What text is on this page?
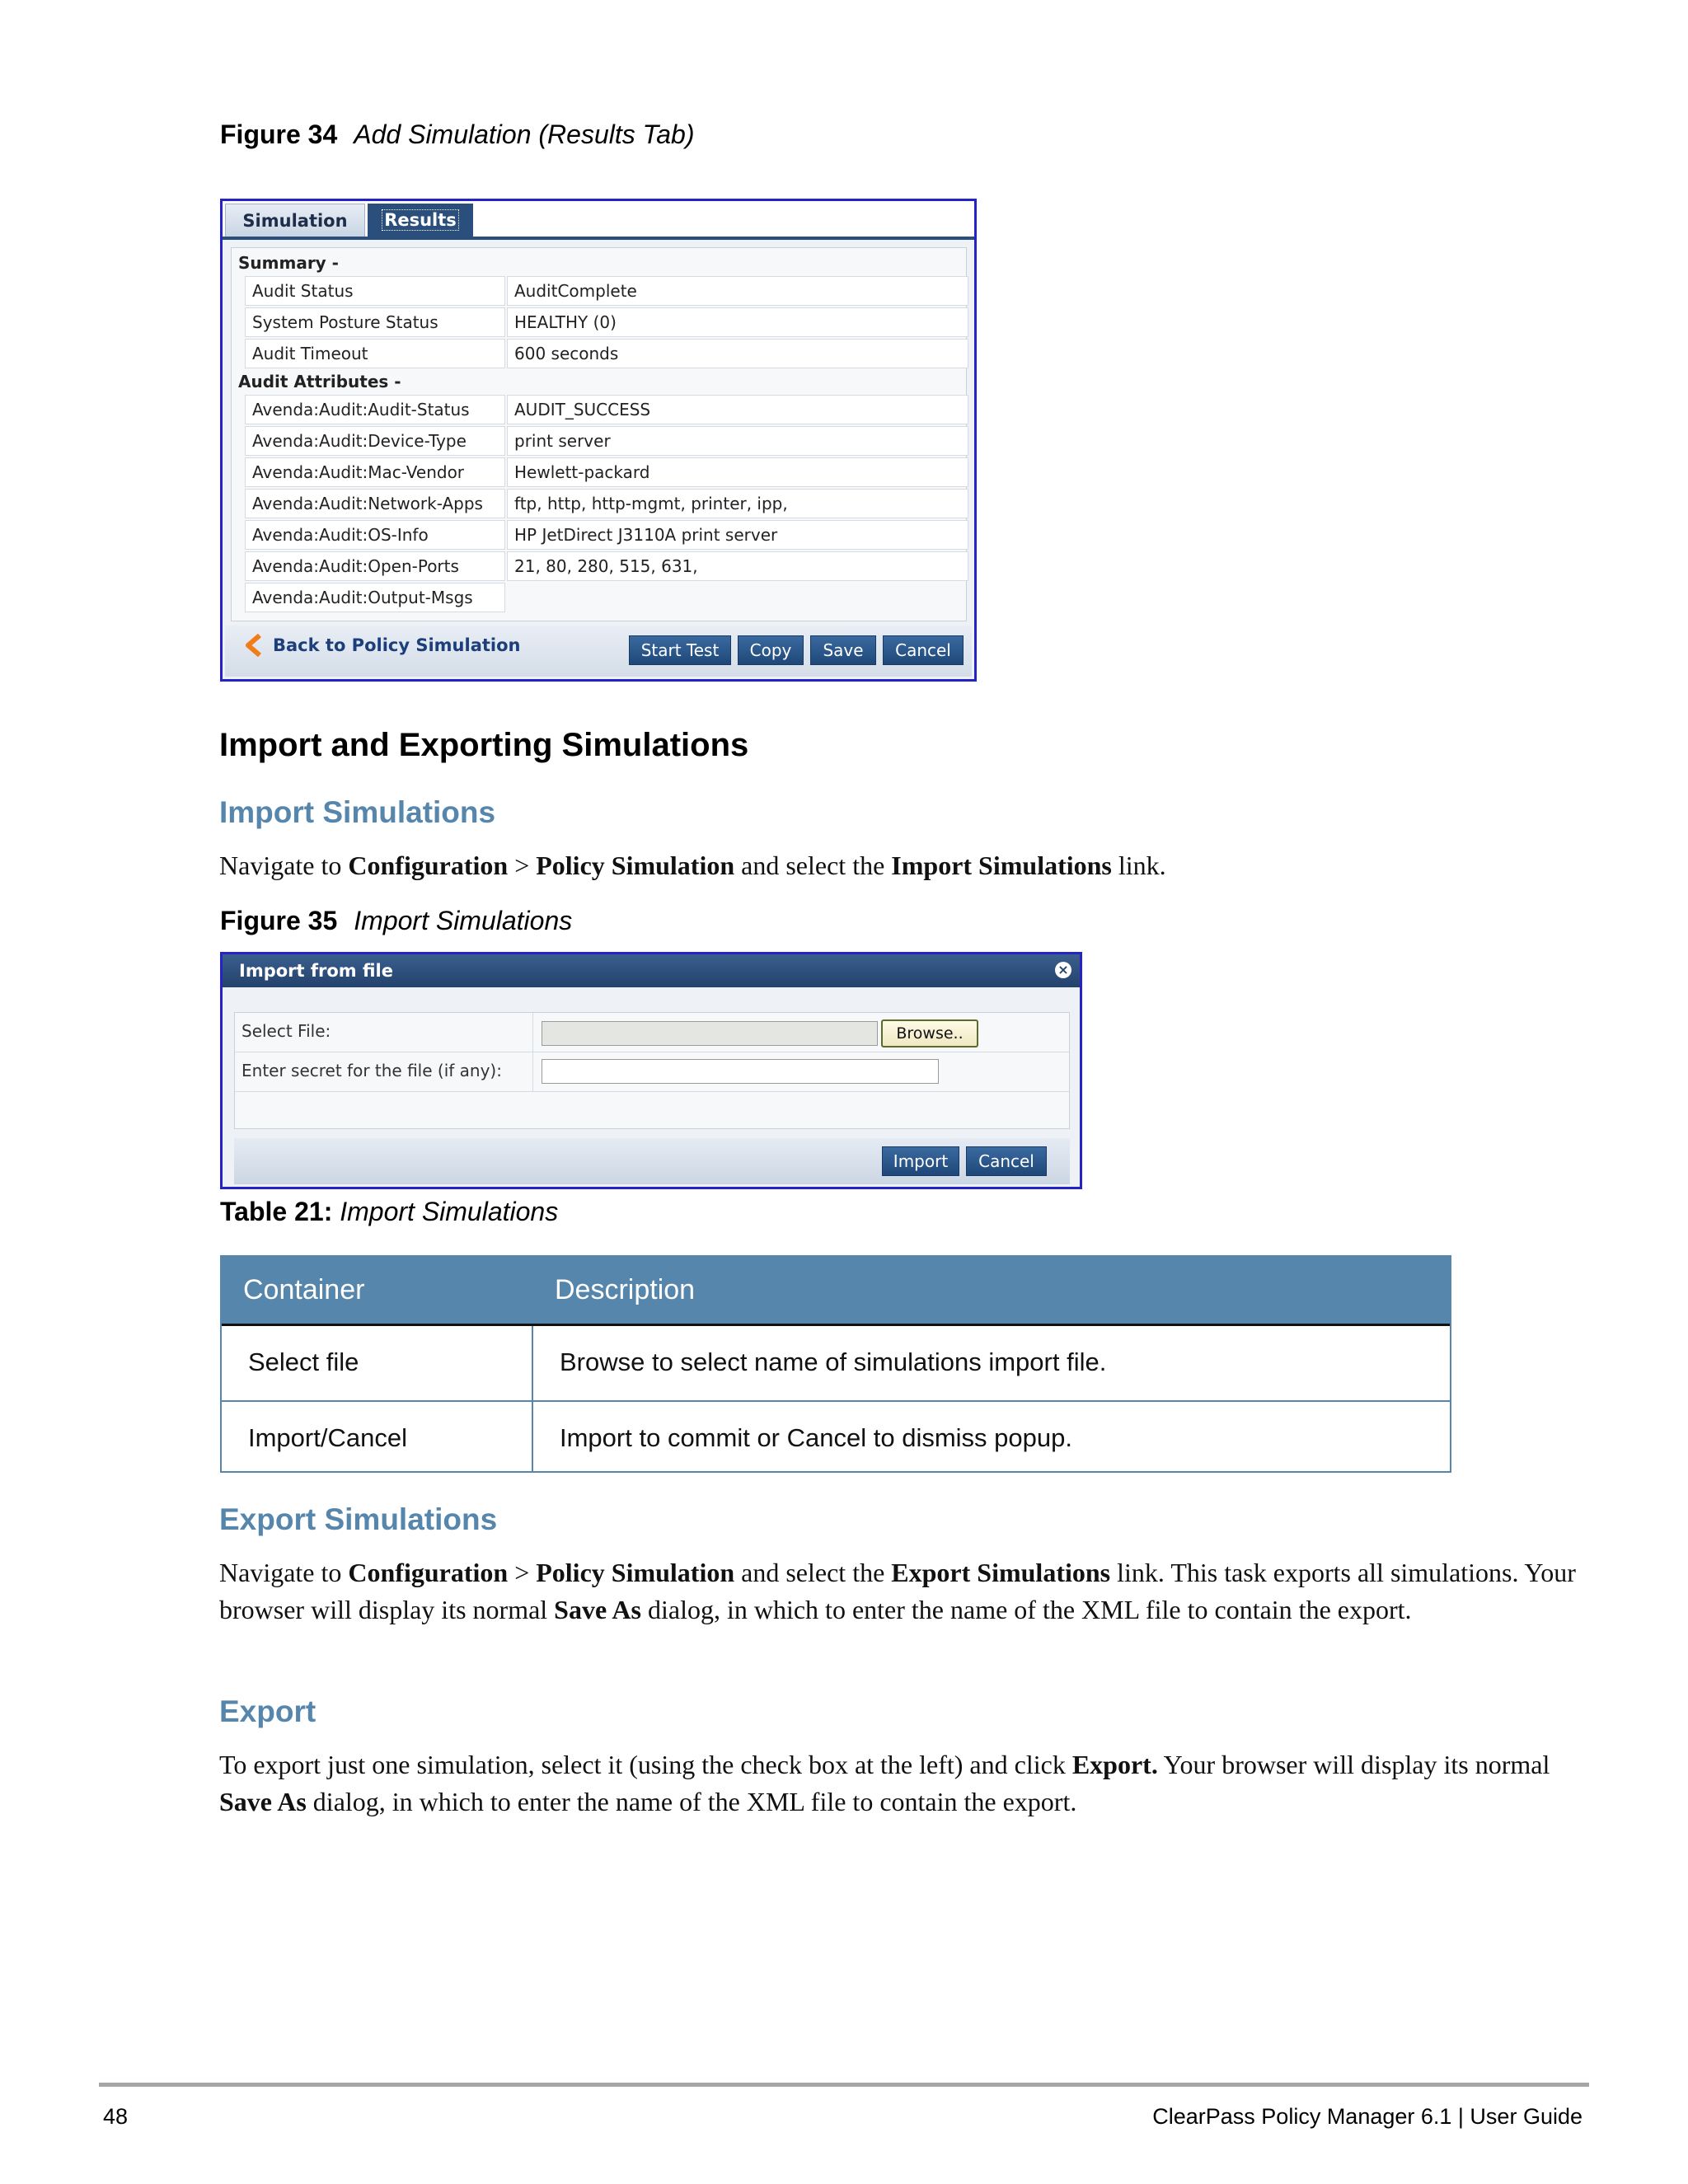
Figure 34 Add Simulation (Results Tab)
Simulation	Results
Summary -
Audit Status	AuditComplete
System Posture Status	HEALTHY (0)
Audit Timeout	600 seconds
Audit Attributes -
Avenda:Audit:Audit-Status	AUDIT_SUCCESS
Avenda:Audit:Device-Type	print server
Avenda:Audit:Mac-Vendor	Hewlett-packard
Avenda:Audit:Network-Apps	ftp, http, http-mgmt, printer, ipp,
Avenda:Audit:OS-Info	HP JetDirect J3110A print server
Avenda:Audit:Open-Ports	21, 80, 280, 515, 631,
Avenda:Audit:Output-Msgs
Back to Policy Simulation	Start Test	Copy	Save	Cancel
Import and Exporting Simulations
Import Simulations
Navigate to Configuration > Policy Simulation and select the Import Simulations link.
Figure 35 Import Simulations
Import from file	×
Select File:	Browse..
Enter secret for the file (if any):
Import	Cancel
Table 21: Import Simulations
Container	Description
Select file	Browse to select name of simulations import file.
Import/Cancel	Import to commit or Cancel to dismiss popup.
Export Simulations
Navigate to Configuration > Policy Simulation and select the Export Simulations link. This task exports all simulations. Your browser will display its normal Save As dialog, in which to enter the name of the XML file to contain the export.
Export
To export just one simulation, select it (using the check box at the left) and click Export. Your browser will display its normal Save As dialog, in which to enter the name of the XML file to contain the export.
48	ClearPass Policy Manager 6.1 | User Guide
